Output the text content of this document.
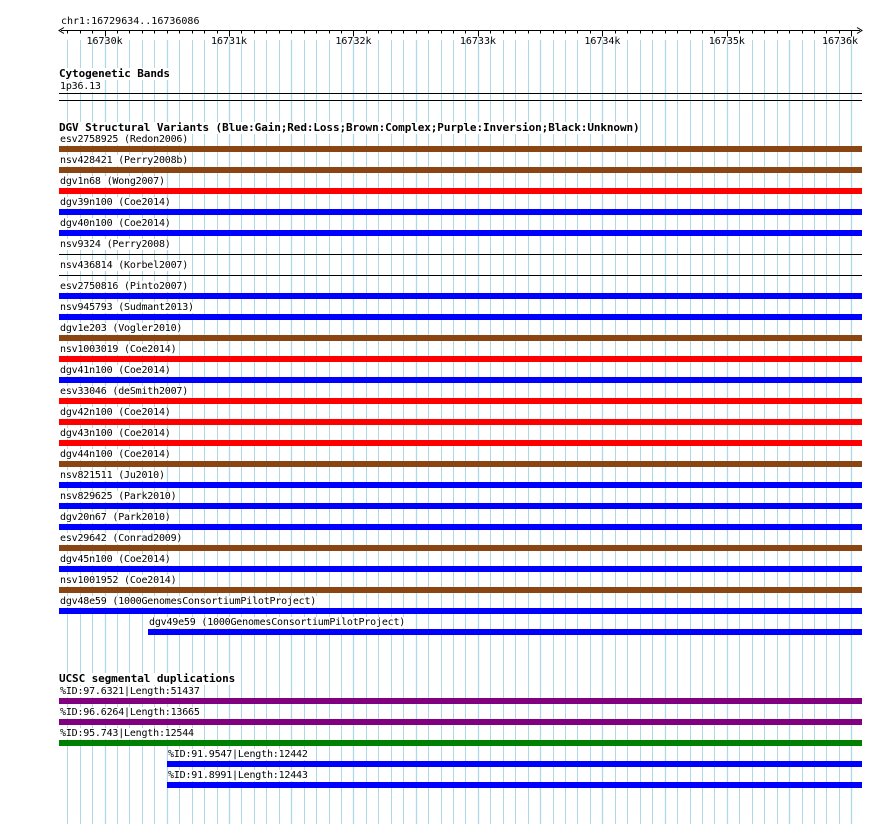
chr1:16729634..16736086
16730k	16731k	16732k	16733k	16734k	16735k	16736k
Cytogenetic Bands
1p36.13
DGV Structural Variants (Blue:Gain;Red:Loss;Brown:Complex;Purple:Inversion;Black:Unknown)
esv2758925 (Redon2006)
nsv428421 (Perry2008b)
dgv1n68 (Wong2007)
dgv39n100 (Coe2014)
dgv40n100 (Coe2014)
nsv9324 (Perry2008)
nsv436814 (Korbel2007)
esv2750816 (Pinto2007)
nsv945793 (Sudmant2013)
dgv1e203 (Vogler2010)
nsv1003019 (Coe2014)
dgv41n100 (Coe2014)
esv33046 (deSmith2007)
dgv42n100 (Coe2014)
dgv43n100 (Coe2014)
dgv44n100 (Coe2014)
nsv821511 (Ju2010)
nsv829625 (Park2010)
dgv20n67 (Park2010)
esv29642 (Conrad2009)
dgv45n100 (Coe2014)
nsv1001952 (Coe2014)
dgv48e59 (1000GenomesConsortiumPilotProject)
dgv49e59 (1000GenomesConsortiumPilotProject)
UCSC segmental duplications
%ID:97.6321|Length:51437
%ID:96.6264|Length:13665
%ID:95.743|Length:12544
%ID:91.9547|Length:12442
%ID:91.8991|Length:12443
